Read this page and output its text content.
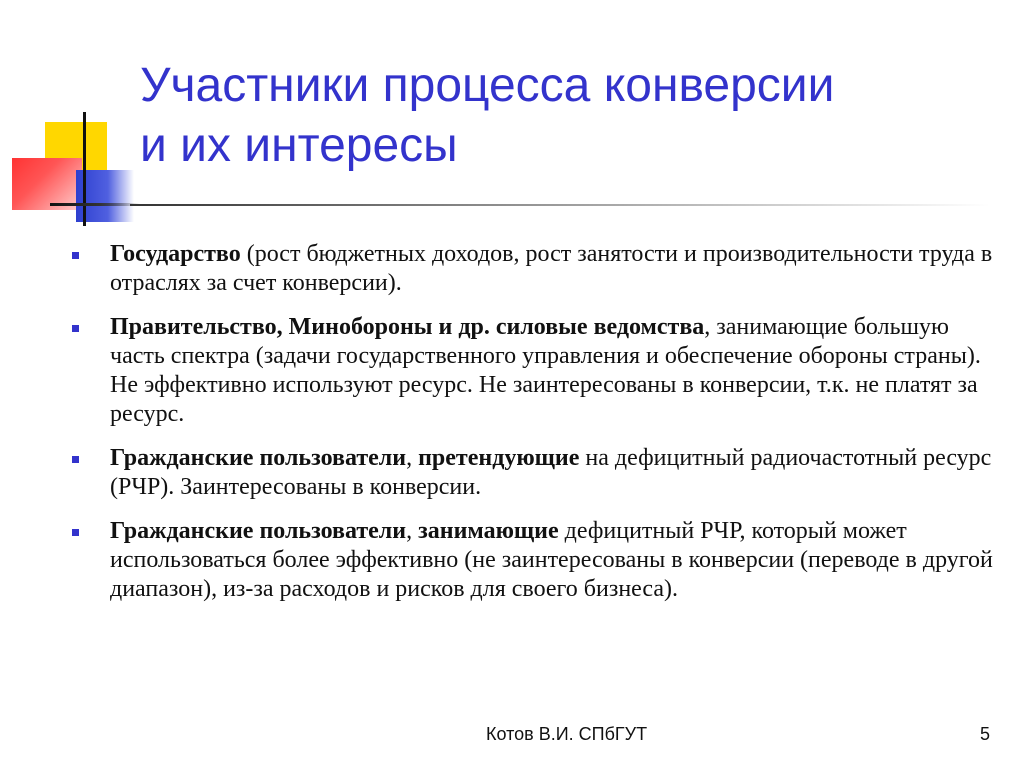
Участники процесса конверсии
и их интересы
Государство (рост бюджетных доходов, рост занятости и производительности труда в отраслях за счет конверсии).
Правительство, Минобороны и др. силовые ведомства, занимающие большую часть спектра (задачи государственного управления и обеспечение обороны страны). Не эффективно используют ресурс. Не заинтересованы в конверсии, т.к. не платят за ресурс.
Гражданские пользователи, претендующие на дефицитный радиочастотный ресурс (РЧР). Заинтересованы в конверсии.
Гражданские пользователи, занимающие дефицитный РЧР, который может использоваться более эффективно (не заинтересованы в конверсии (переводе в другой диапазон), из-за расходов и рисков для своего бизнеса).
Котов В.И. СПбГУТ	5
